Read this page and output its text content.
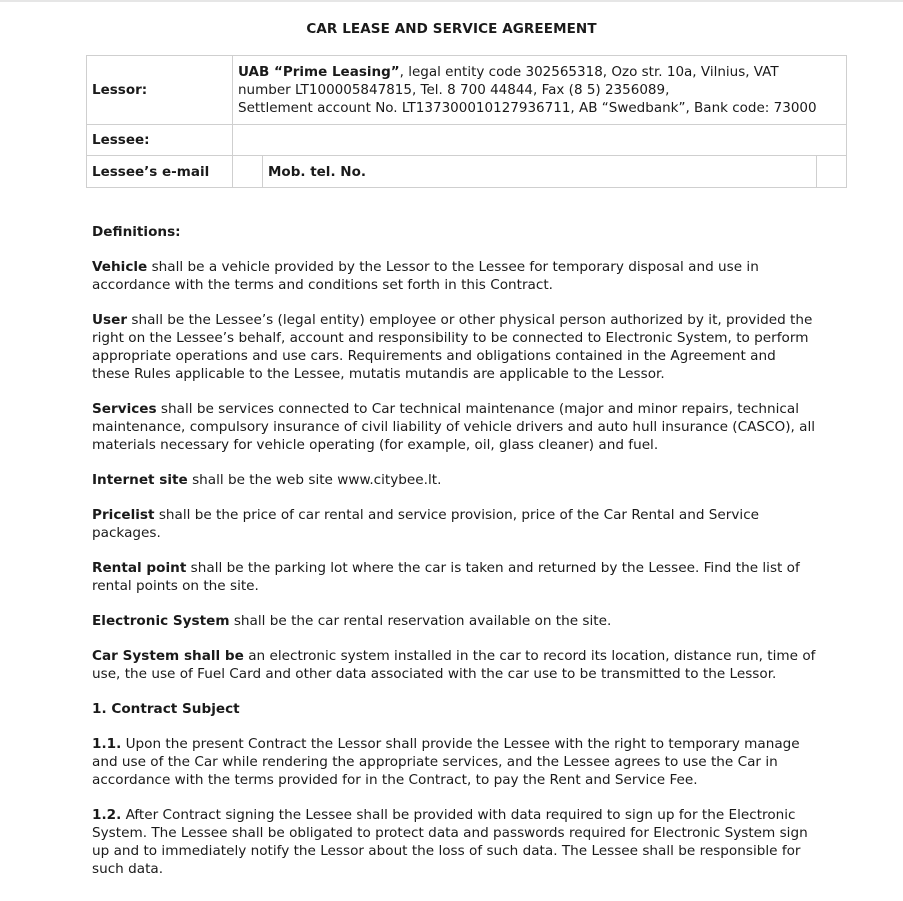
CAR LEASE AND SERVICE AGREEMENT
Lessor:	UAB “Prime Leasing”, legal entity code 302565318, Ozo str. 10a, Vilnius, VAT
number LT100005847815, Tel. 8 700 44844, Fax (8 5) 2356089,
Settlement account No. LT137300010127936711, AB “Swedbank”, Bank code: 73000		
Lessee:			
Lessee’s e-mail		Mob. tel. No.	

Definitions:

Vehicle shall be a vehicle provided by the Lessor to the Lessee for temporary disposal and use in accordance with the terms and conditions set forth in this Contract.

User shall be the Lessee’s (legal entity) employee or other physical person authorized by it, provided the right on the Lessee’s behalf, account and responsibility to be connected to Electronic System, to perform appropriate operations and use cars. Requirements and obligations contained in the Agreement and these Rules applicable to the Lessee, mutatis mutandis are applicable to the Lessor.

Services shall be services connected to Car technical maintenance (major and minor repairs, technical maintenance, compulsory insurance of civil liability of vehicle drivers and auto hull insurance (CASCO), all materials necessary for vehicle operating (for example, oil, glass cleaner) and fuel.

Internet site shall be the web site www.citybee.lt.

Pricelist shall be the price of car rental and service provision, price of the Car Rental and Service packages.

Rental point shall be the parking lot where the car is taken and returned by the Lessee. Find the list of rental points on the site.

Electronic System shall be the car rental reservation available on the site.

Car System shall be an electronic system installed in the car to record its location, distance run, time of use, the use of Fuel Card and other data associated with the car use to be transmitted to the Lessor.

1. Contract Subject

1.1. Upon the present Contract the Lessor shall provide the Lessee with the right to temporary manage and use of the Car while rendering the appropriate services, and the Lessee agrees to use the Car in accordance with the terms provided for in the Contract, to pay the Rent and Service Fee.

1.2. After Contract signing the Lessee shall be provided with data required to sign up for the Electronic System. The Lessee shall be obligated to protect data and passwords required for Electronic System sign up and to immediately notify the Lessor about the loss of such data. The Lessee shall be responsible for such data.
